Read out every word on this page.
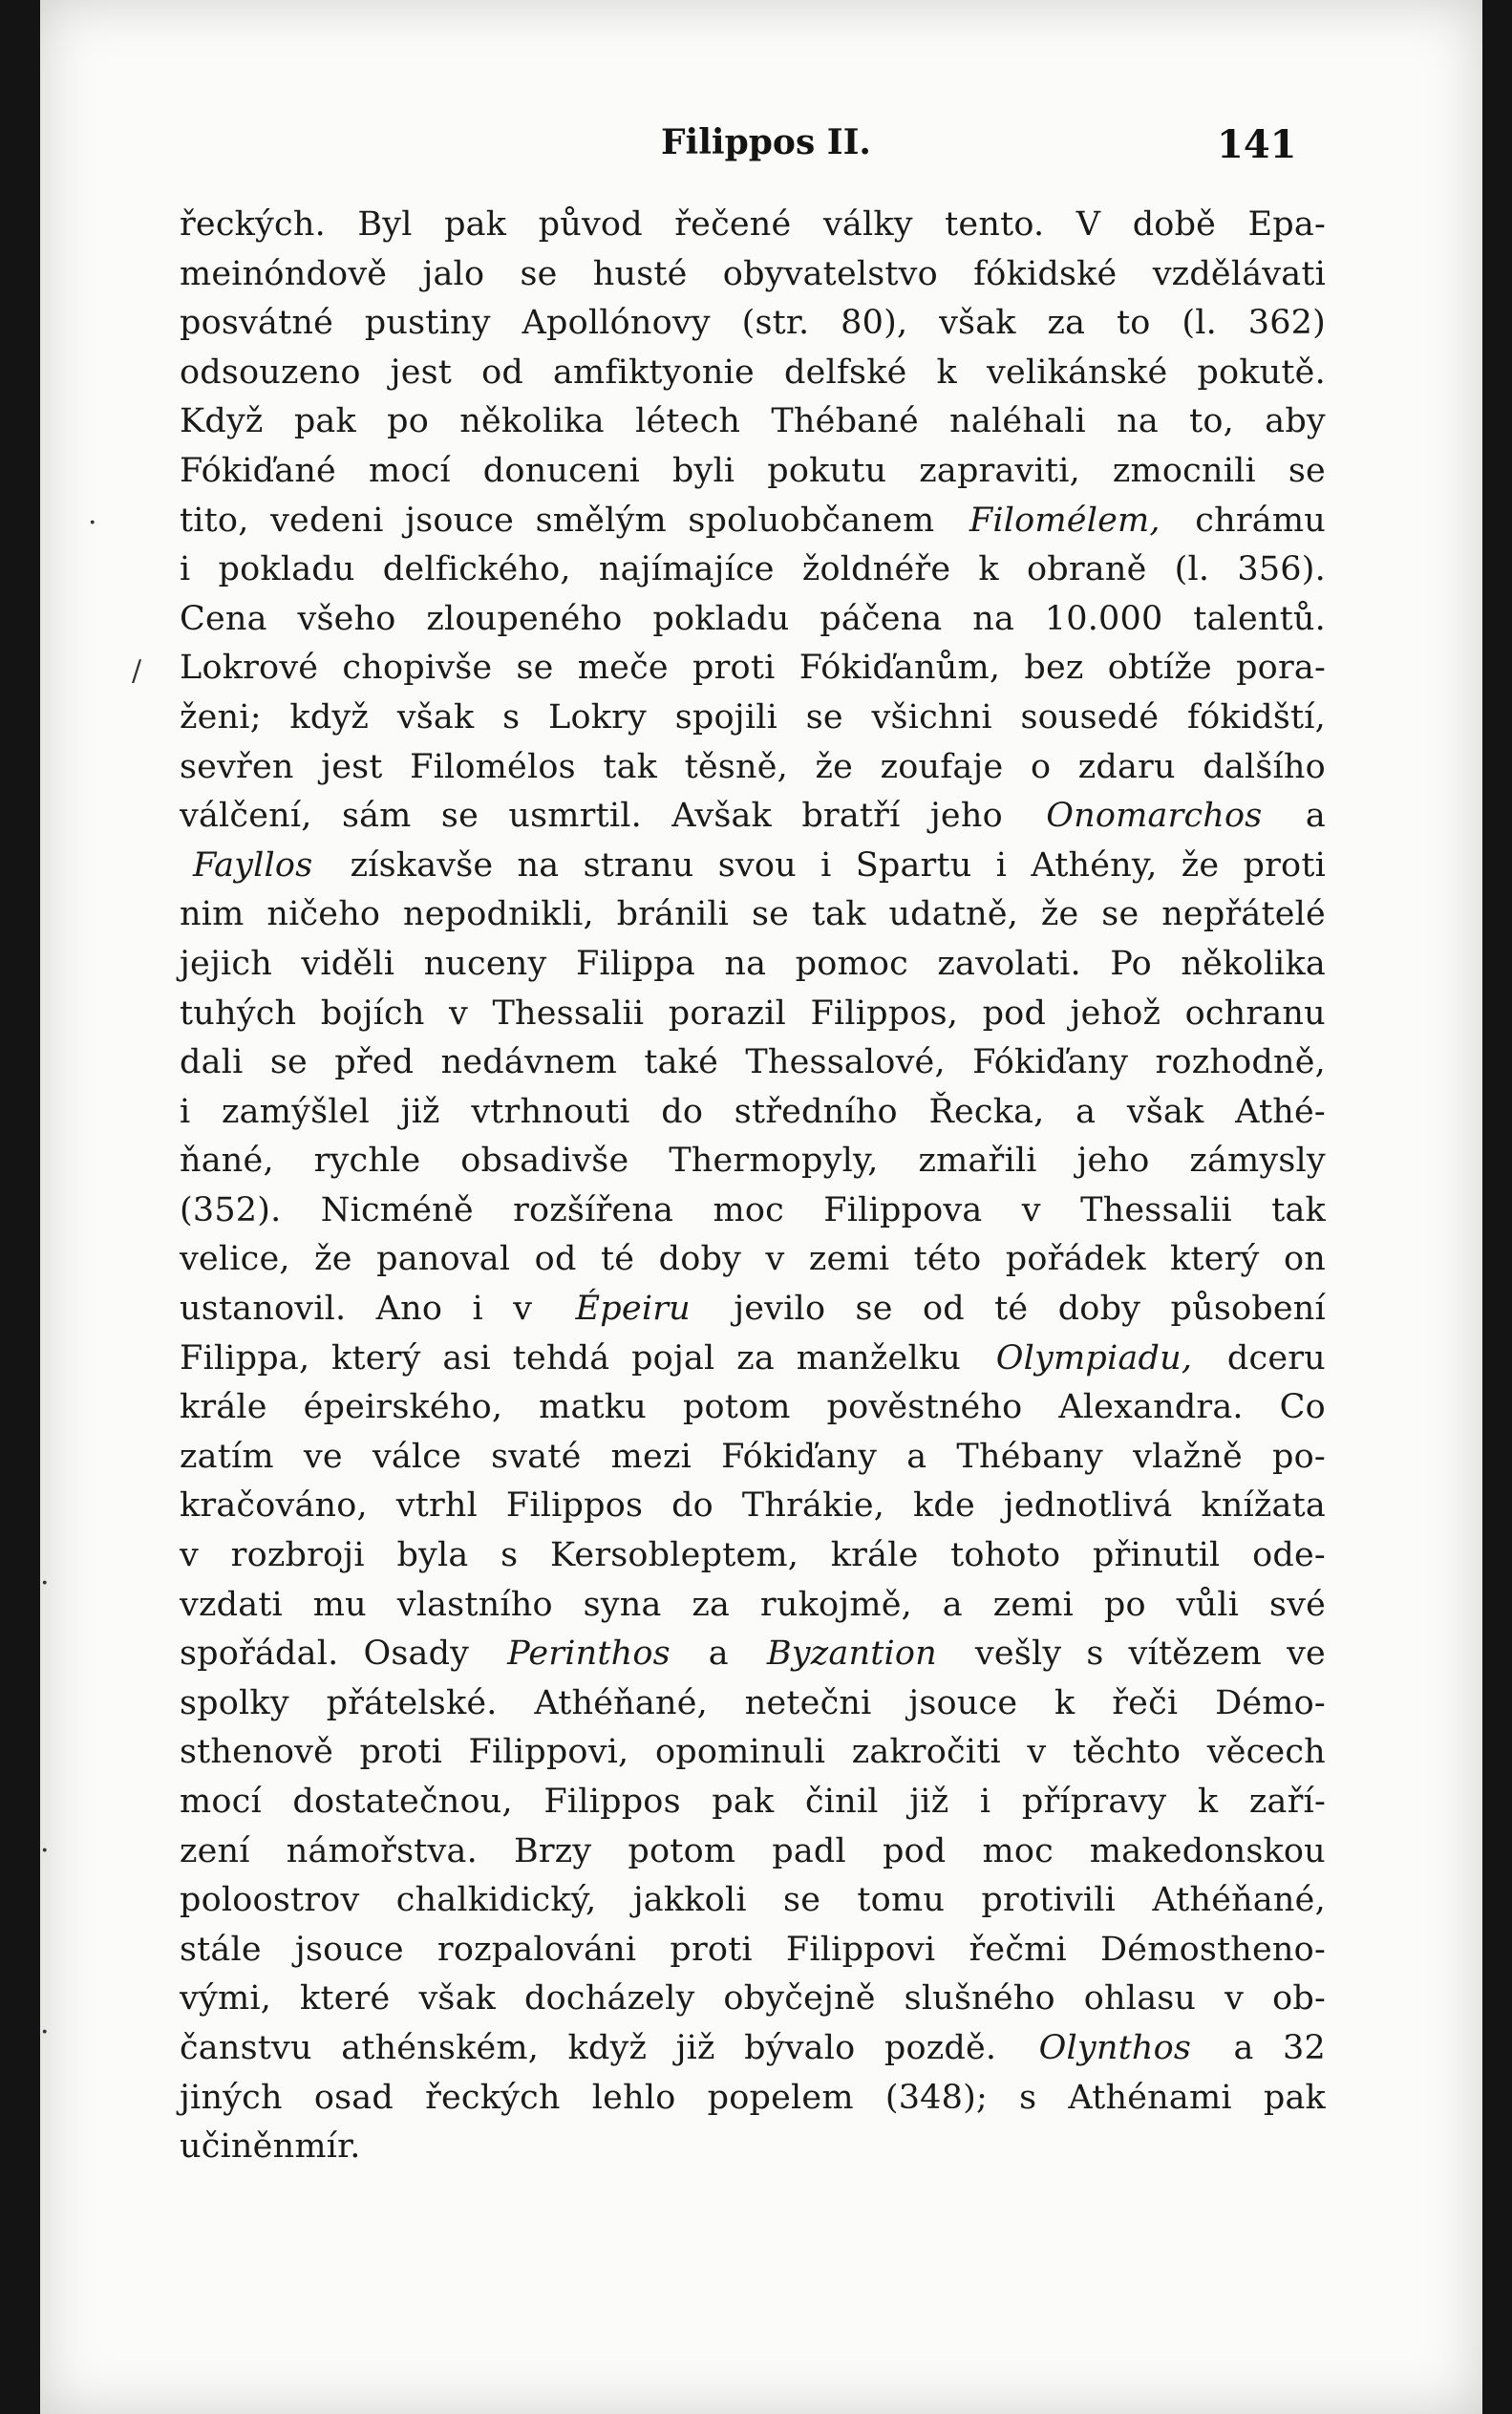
Filippos II.	141
·
/
·
·
·
řeckých. Byl pak původ řečené války tento. V době Epa-
meinóndově jalo se husté obyvatelstvo fókidské vzdělávati
posvátné pustiny Apollónovy (str. 80), však za to (l. 362)
odsouzeno jest od amfiktyonie delfské k velikánské pokutě.
Když pak po několika létech Thébané naléhali na to, aby
Fókiďané mocí donuceni byli pokutu zapraviti, zmocnili se
tito, vedeni jsouce smělým spoluobčanem Filomélem, chrámu
i pokladu delfického, najímajíce žoldnéře k obraně (l. 356).
Cena všeho zloupeného pokladu páčena na 10.000 talentů.
Lokrové chopivše se meče proti Fókiďanům, bez obtíže pora-
ženi; když však s Lokry spojili se všichni sousedé fókidští,
sevřen jest Filomélos tak těsně, že zoufaje o zdaru dalšího
válčení, sám se usmrtil. Avšak bratří jeho Onomarchos a
Fayllos získavše na stranu svou i Spartu i Athény, že proti
nim ničeho nepodnikli, bránili se tak udatně, že se nepřátelé
jejich viděli nuceny Filippa na pomoc zavolati. Po několika
tuhých bojích v Thessalii porazil Filippos, pod jehož ochranu
dali se před nedávnem také Thessalové, Fókiďany rozhodně,
i zamýšlel již vtrhnouti do středního Řecka, a však Athé-
ňané, rychle obsadivše Thermopyly, zmařili jeho zámysly
(352). Nicméně rozšířena moc Filippova v Thessalii tak
velice, že panoval od té doby v zemi této pořádek který on
ustanovil. Ano i v Épeiru jevilo se od té doby působení
Filippa, který asi tehdá pojal za manželku Olympiadu, dceru
krále épeirského, matku potom pověstného Alexandra. Co
zatím ve válce svaté mezi Fókiďany a Thébany vlažně po-
kračováno, vtrhl Filippos do Thrákie, kde jednotlivá knížata
v rozbroji byla s Kersobleptem, krále tohoto přinutil ode-
vzdati mu vlastního syna za rukojmě, a zemi po vůli své
spořádal. Osady Perinthos a Byzantion vešly s vítězem ve
spolky přátelské. Athéňané, netečni jsouce k řeči Démo-
sthenově proti Filippovi, opominuli zakročiti v těchto věcech
mocí dostatečnou, Filippos pak činil již i přípravy k zaří-
zení námořstva. Brzy potom padl pod moc makedonskou
poloostrov chalkidický, jakkoli se tomu protivili Athéňané,
stále jsouce rozpalováni proti Filippovi řečmi Démostheno-
vými, které však docházely obyčejně slušného ohlasu v ob-
čanstvu athénském, když již bývalo pozdě. Olynthos a 32
jiných osad řeckých lehlo popelem (348); s Athénami pak
učiněn mír.
